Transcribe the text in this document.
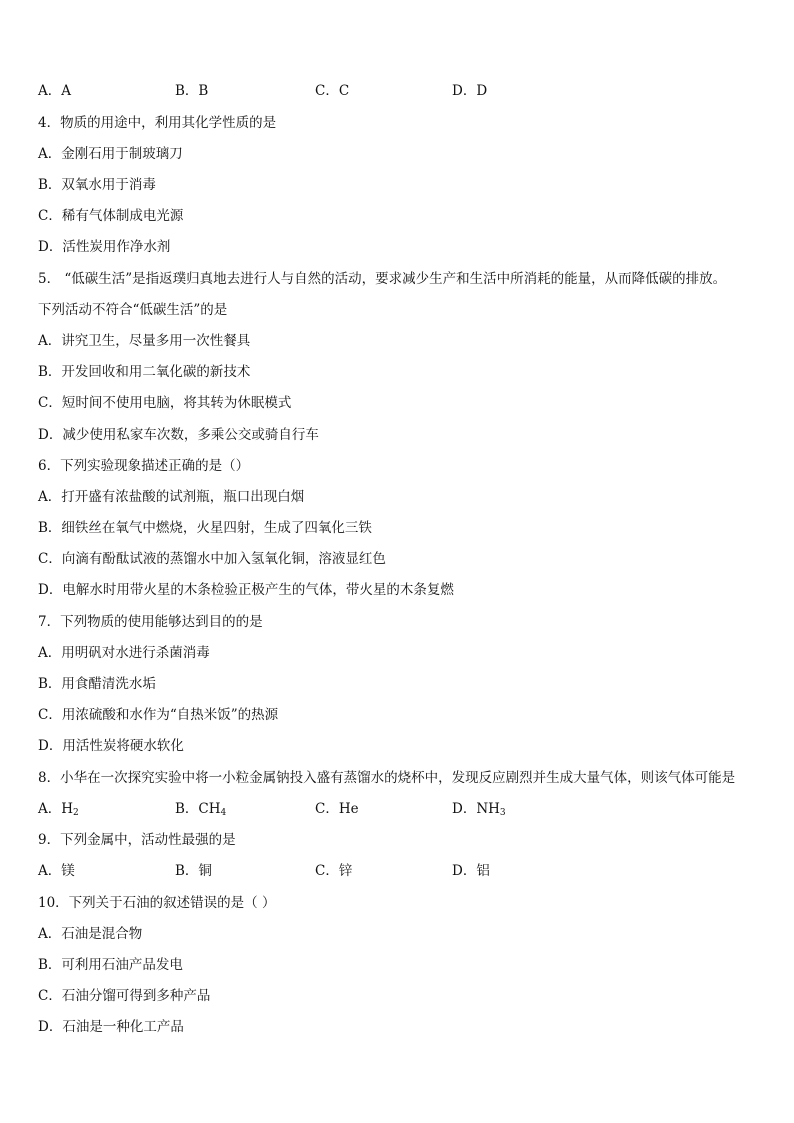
A．A	B．B	C．C	D．D
4．物质的用途中，利用其化学性质的是
A．金刚石用于制玻璃刀
B．双氧水用于消毒
C．稀有气体制成电光源
D．活性炭用作净水剂
5． “低碳生活”是指返璞归真地去进行人与自然的活动，要求减少生产和生活中所消耗的能量，从而降低碳的排放。
下列活动不符合“低碳生活”的是
A．讲究卫生，尽量多用一次性餐具
B．开发回收和用二氧化碳的新技术
C．短时间不使用电脑，将其转为休眠模式
D．减少使用私家车次数，多乘公交或骑自行车
6．下列实验现象描述正确的是（）
A．打开盛有浓盐酸的试剂瓶，瓶口出现白烟
B．细铁丝在氧气中燃烧，火星四射，生成了四氧化三铁
C．向滴有酚酞试液的蒸馏水中加入氢氧化铜，溶液显红色
D．电解水时用带火星的木条检验正极产生的气体，带火星的木条复燃
7．下列物质的使用能够达到目的的是
A．用明矾对水进行杀菌消毒
B．用食醋清洗水垢
C．用浓硫酸和水作为“自热米饭”的热源
D．用活性炭将硬水软化
8．小华在一次探究实验中将一小粒金属钠投入盛有蒸馏水的烧杯中，发现反应剧烈并生成大量气体，则该气体可能是
A．$H_2$	B．$CH_4$	C．He	D．$NH_3$
9．下列金属中，活动性最强的是
A．镁	B．铜	C．锌	D．铝
10．下列关于石油的叙述错误的是（ ）
A．石油是混合物
B．可利用石油产品发电
C．石油分馏可得到多种产品
D．石油是一种化工产品
